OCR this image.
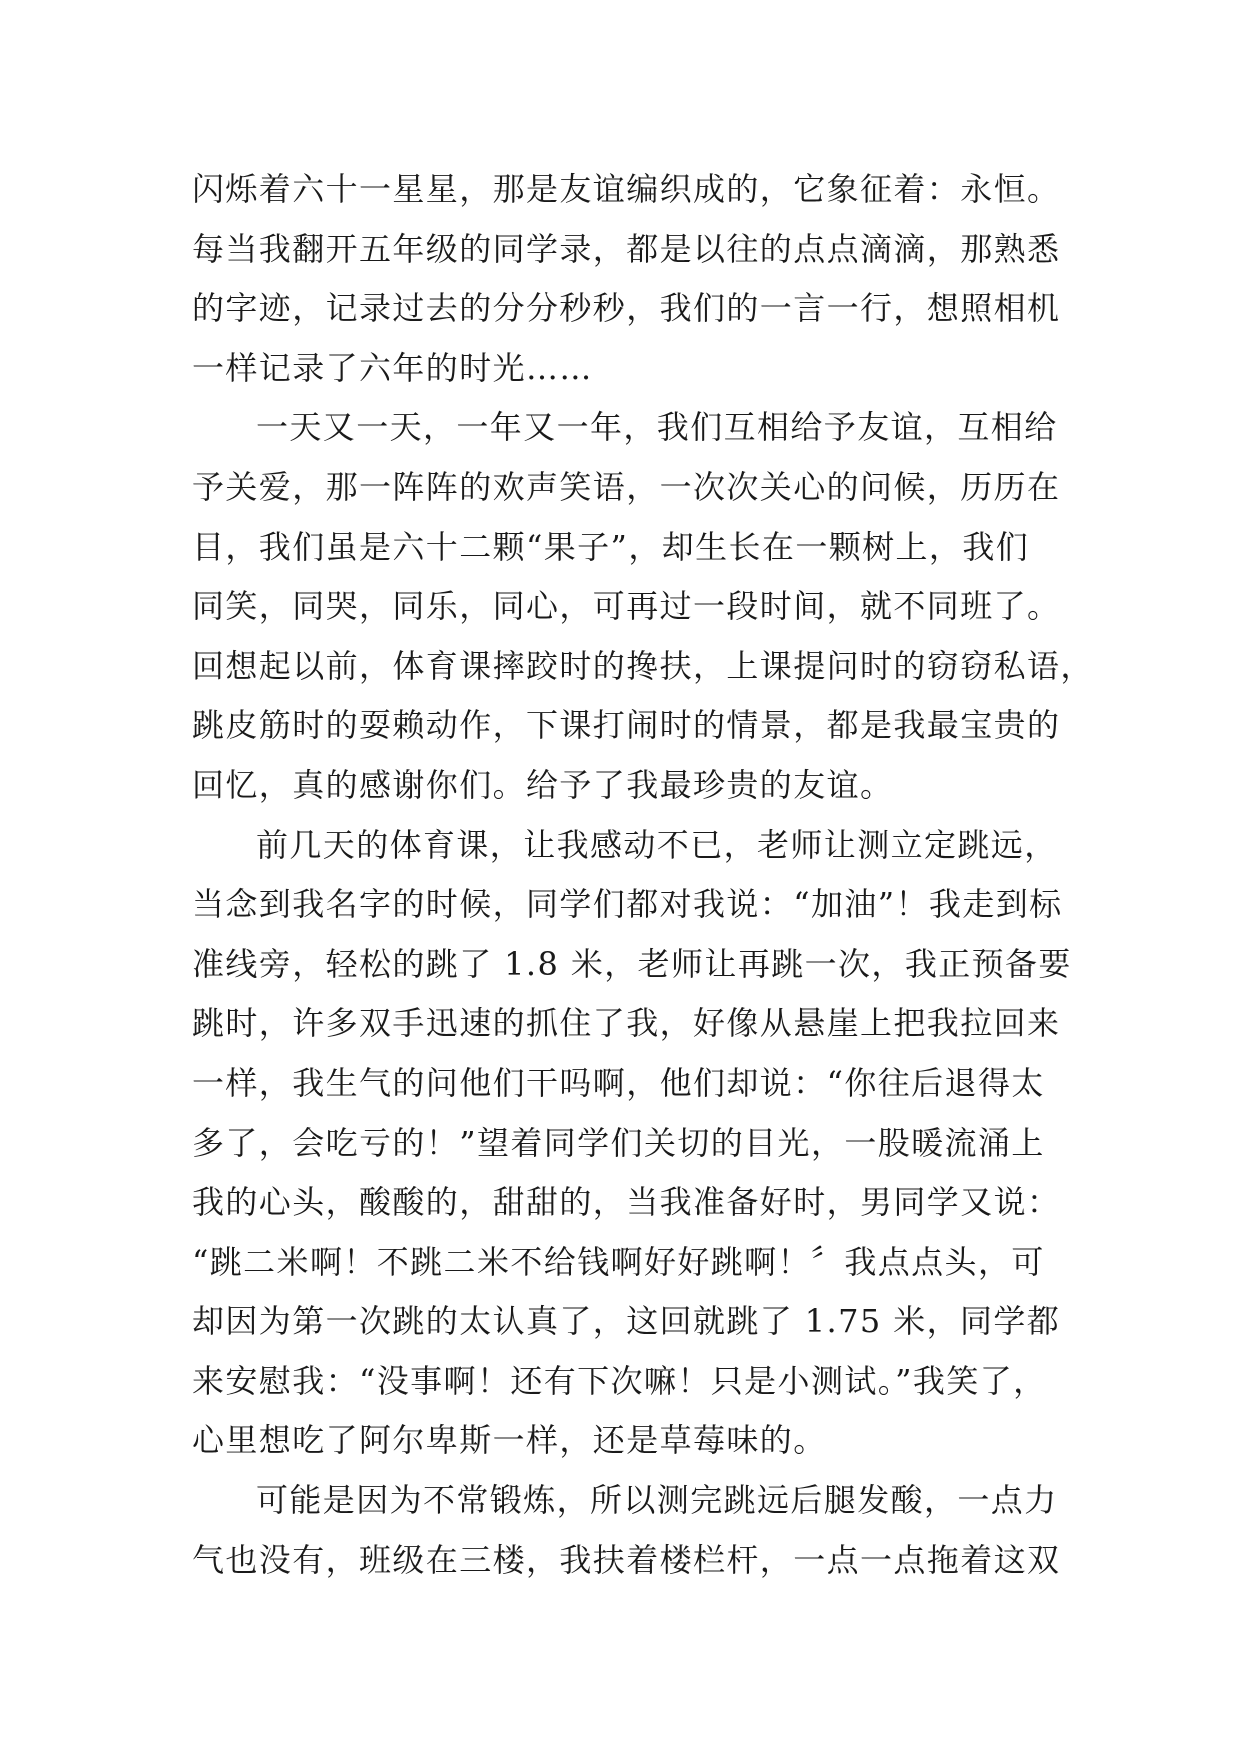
闪烁着六十一星星，那是友谊编织成的，它象征着：永恒。
每当我翻开五年级的同学录，都是以往的点点滴滴，那熟悉
的字迹，记录过去的分分秒秒，我们的一言一行，想照相机
一样记录了六年的时光……
一天又一天，一年又一年，我们互相给予友谊，互相给
予关爱，那一阵阵的欢声笑语，一次次关心的问候，历历在
目，我们虽是六十二颗“果子”，却生长在一颗树上，我们
同笑，同哭，同乐，同心，可再过一段时间，就不同班了。
回想起以前，体育课摔跤时的搀扶，上课提问时的窃窃私语，
跳皮筋时的耍赖动作，下课打闹时的情景，都是我最宝贵的
回忆，真的感谢你们。给予了我最珍贵的友谊。
前几天的体育课，让我感动不已，老师让测立定跳远，
当念到我名字的时候，同学们都对我说：“加油”！我走到标
准线旁，轻松的跳了 1.8 米，老师让再跳一次，我正预备要
跳时，许多双手迅速的抓住了我，好像从悬崖上把我拉回来
一样，我生气的问他们干吗啊，他们却说：“你往后退得太
多了，会吃亏的！”望着同学们关切的目光，一股暖流涌上
我的心头，酸酸的，甜甜的，当我准备好时，男同学又说：
“跳二米啊！不跳二米不给钱啊好好跳啊！〞我点点头，可
却因为第一次跳的太认真了，这回就跳了 1.75 米，同学都
来安慰我：“没事啊！还有下次嘛！只是小测试。”我笑了，
心里想吃了阿尔卑斯一样，还是草莓味的。
可能是因为不常锻炼，所以测完跳远后腿发酸，一点力
气也没有，班级在三楼，我扶着楼栏杆，一点一点拖着这双
